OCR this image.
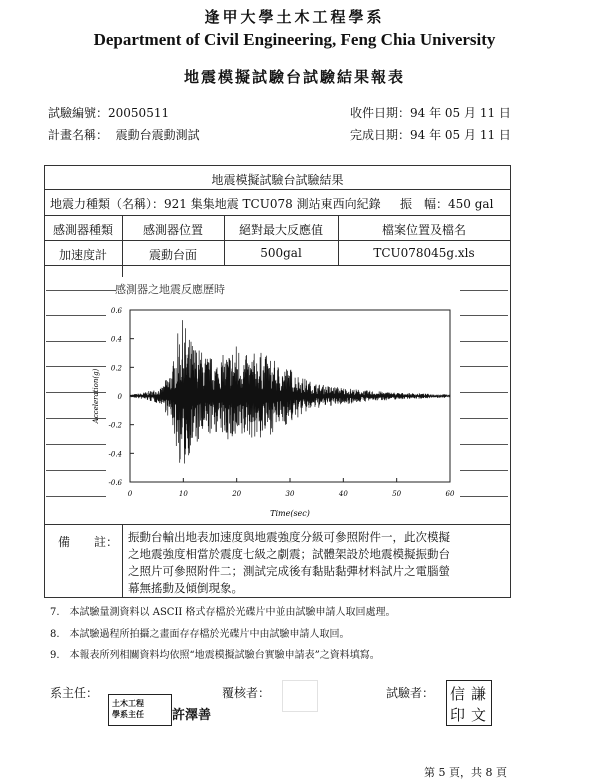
逢甲大學土木工程學系
Department of Civil Engineering, Feng Chia University
地震模擬試驗台試驗結果報表
試驗編號：20050511
計畫名稱： 震動台震動測試
收件日期：94 年 05 月 11 日
完成日期：94 年 05 月 11 日
地震模擬試驗台試驗結果
地震力種類（名稱）：921 集集地震 TCU078 測站東西向紀錄 振　幅：450 gal
感測器種類	感測器位置	絕對最大反應值	檔案位置及檔名
加速度計	震動台面	500gal	TCU078045g.xls
感測器之地震反應歷時
0.6
0.4
0.2
0
-0.2
-0.4
-0.6
0	10	20	30	40	50	60
Time(sec)
Acceleration(g)
備　　註： 振動台輸出地表加速度與地震強度分級可參照附件一，此次模擬
之地震強度相當於震度七級之劇震；試體架設於地震模擬振動台
之照片可參照附件二；測試完成後有黏貼黏彈材料試片之電腦螢
幕無搖動及傾倒現象。
7.　本試驗量測資料以 ASCII 格式存檔於光碟片中並由試驗申請人取回處理。
8.　本試驗過程所拍攝之畫面存存檔於光碟片中由試驗申請人取回。
9.　本報表所列相關資料均依照“地震模擬試驗台實驗申請表”之資料填寫。
系主任：
土木工程
學系主任 許澤善
覆核者：	試驗者： 信 謙
印 文
第 5 頁，共 8 頁
